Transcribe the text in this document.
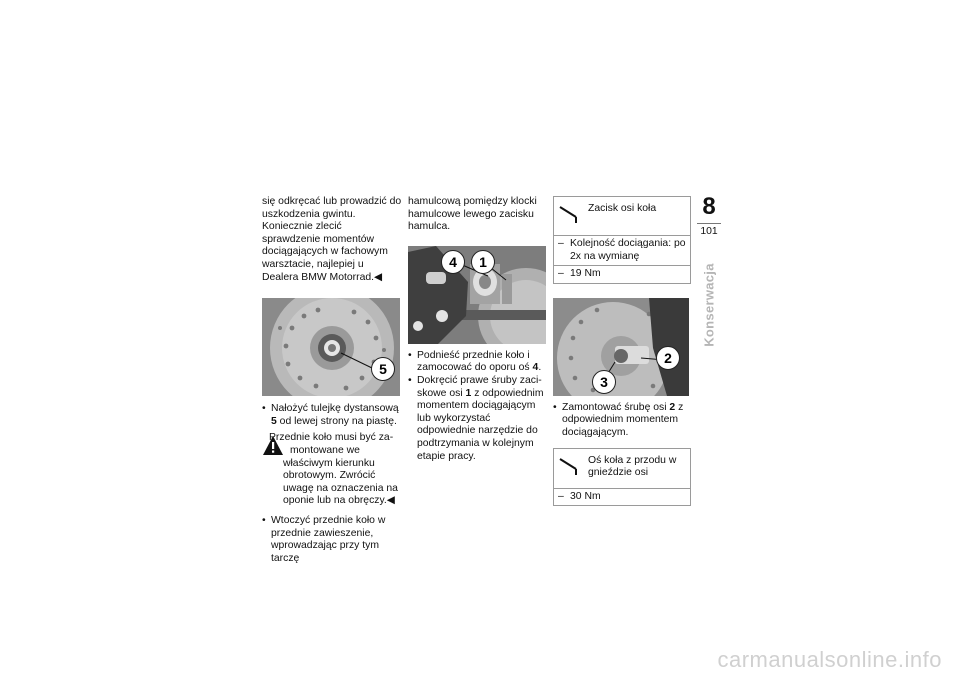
się odkręcać lub prowadzić do uszkodzenia gwintu. Koniecznie zlecić sprawdzenie momentów dociągających w fachowym warsztacie, najlepiej u Dealera BMW Motorrad.◀

5

• Nałożyć tulejkę dystansową 5 od lewej strony na piastę.

Przednie koło musi być zamontowane we właściwym kierunku obrotowym. Zwrócić uwagę na oznaczenia na oponie lub na obręczy.◀

• Wtoczyć przednie koło w przednie zawieszenie, wprowadzając przy tym tarczę

hamulcową pomiędzy klocki hamulcowe lewego zacisku hamulca.

4	1

• Podnieść przednie koło i zamocować do oporu oś 4.

• Dokręcić prawe śruby zaciskowe osi 1 z odpowiednim momentem dociągającym lub wykorzystać odpowiednie narzędzie do podtrzymania w kolejnym etapie pracy.

Zacisk osi koła
– Kolejność dociągania: po 2x na wymianę
– 19 Nm
2
3

• Zamontować śrubę osi 2 z odpowiednim momentem dociągającym.

Oś koła z przodu w gnieździe osi
– 30 Nm
8
101
Konserwacja
carmanualsonline.info
